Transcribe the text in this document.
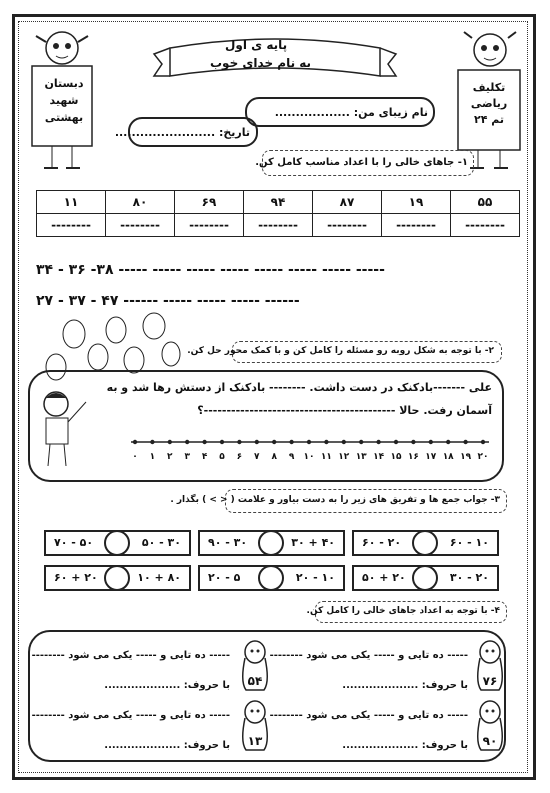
پایه ی اول
به نام خدای خوب
دبستان
شهید
بهشتی
تکلیف
ریاضی
تم ۲۴
نام زیبای من: ..................
تاریخ: ........................
۱- جاهای خالی را با اعداد مناسب کامل کن.
۱۱	۸۰	۶۹	۹۴	۸۷	۱۹	۵۵
--------	--------	--------	--------	--------	--------	--------
۳۴ - ۳۶ -۳۸ ----- ----- ----- ----- ----- ----- ----- -----
۲۷ - ۳۷ - ۴۷ ------ ----- ----- ----- ------
۲- با توجه به شکل روبه رو مسئله را کامل کن و با کمک محور حل کن.
علی -------بادکنک در دست داشت. -------- بادکنک از دستش رها شد و به
آسمان رفت. حالا ------------------------------------------؟
۰	۱	۲	۳	۴	۵	۶	۷	۸	۹	۱۰ ۱۱ ۱۲ ۱۳ ۱۴ ۱۵ ۱۶ ۱۷ ۱۸ ۱۹ ۲۰
۳- جواب جمع ها و تفریق های زیر را به دست بیاور و علامت ( < > ) بگذار .
۶۰ - ۲۰	۶۰ - ۱۰
۹۰ - ۳۰	۳۰ + ۴۰
۷۰ - ۵۰	۵۰ - ۳۰
۵۰ + ۲۰	۳۰ - ۲۰
۲۰ - ۵	۲۰ - ۱۰
۶۰ + ۲۰	۱۰ + ۸۰
۴- با توجه به اعداد جاهای خالی را کامل کن.
۷۶
----- ده تایی و ----- یکی می شود --------
با حروف: ....................
۵۴
----- ده تایی و ----- یکی می شود --------
با حروف: ....................
۹۰
----- ده تایی و ----- یکی می شود --------
با حروف: ....................
۱۳
----- ده تایی و ----- یکی می شود --------
با حروف: ....................
